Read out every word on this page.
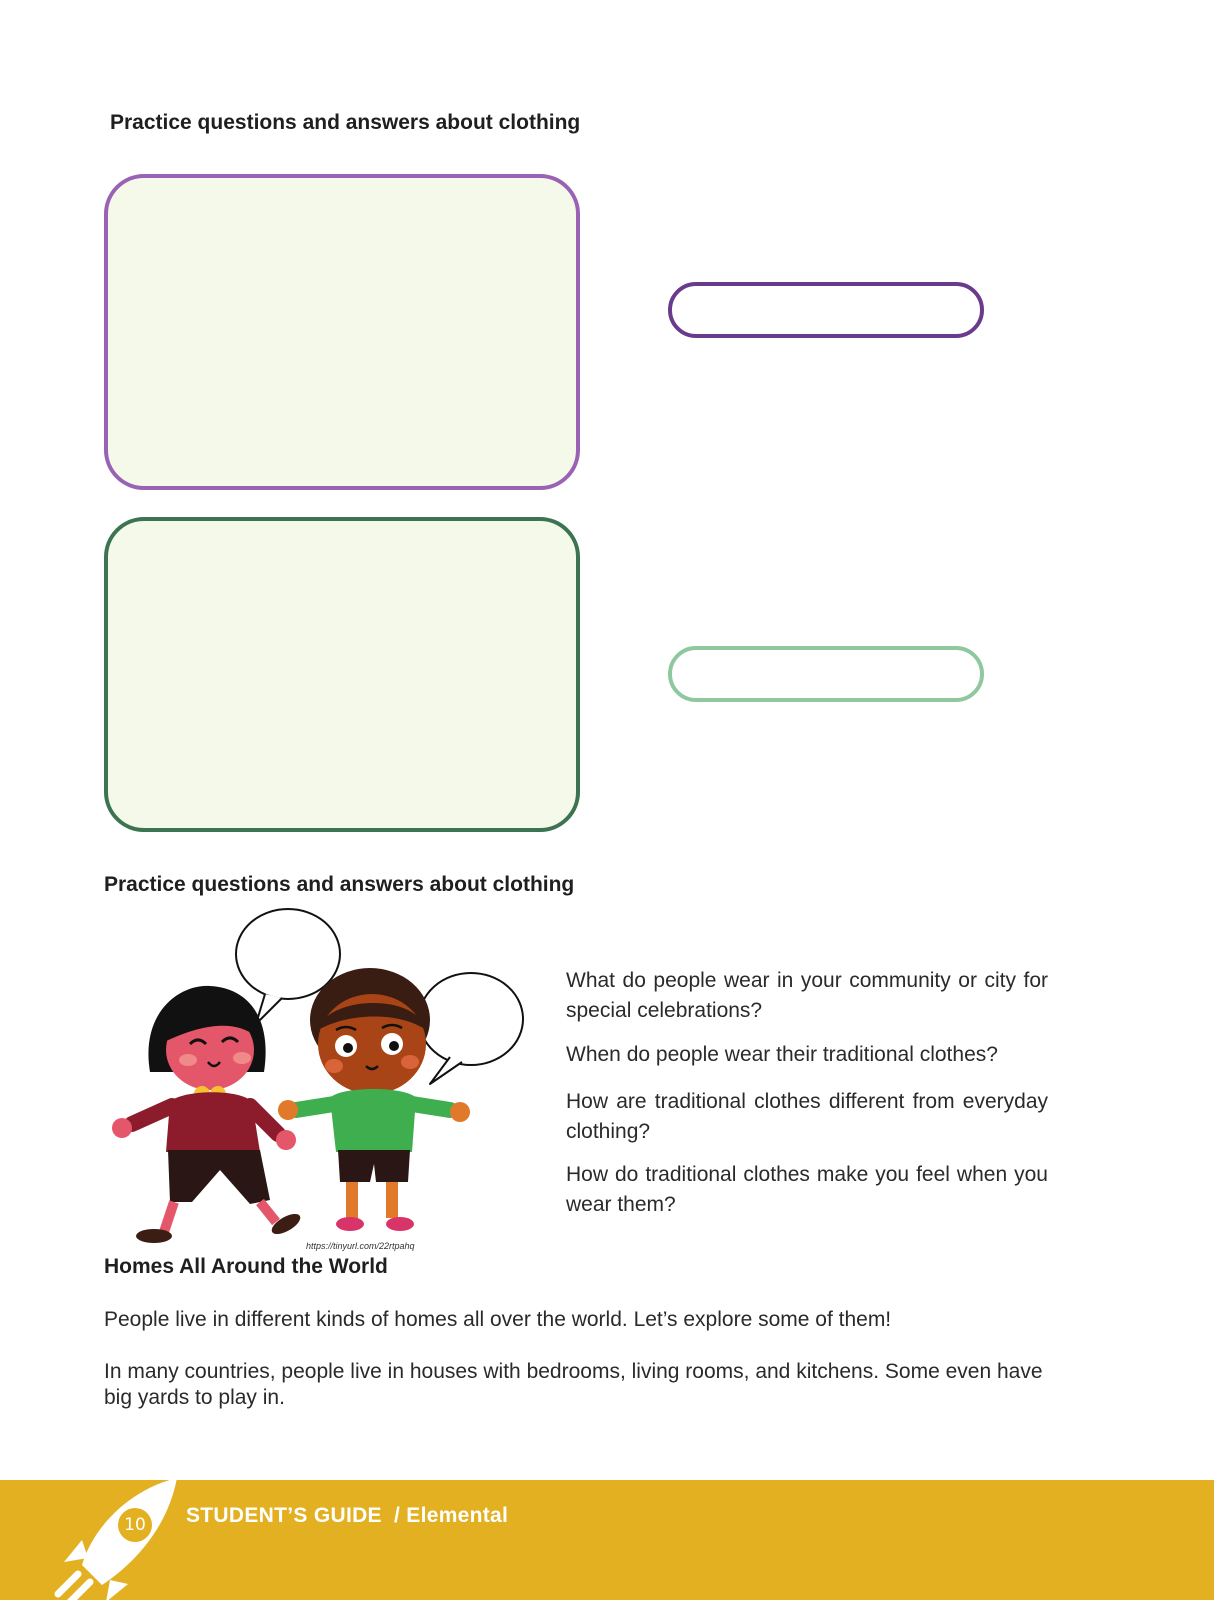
Practice questions and answers about clothing
Practice questions and answers about clothing
https://tinyurl.com/22rtpahq
What do people wear in your community or city for special celebrations?
When do people wear their traditional clothes?
How are traditional clothes different from everyday clothing?
How do traditional clothes make you feel when you wear them?
Homes All Around the World
People live in different kinds of homes all over the world. Let’s explore some of them!
In many countries, people live in houses with bedrooms, living rooms, and kitchens. Some even have big yards to play in.
10 STUDENT’S GUIDE / Elemental
